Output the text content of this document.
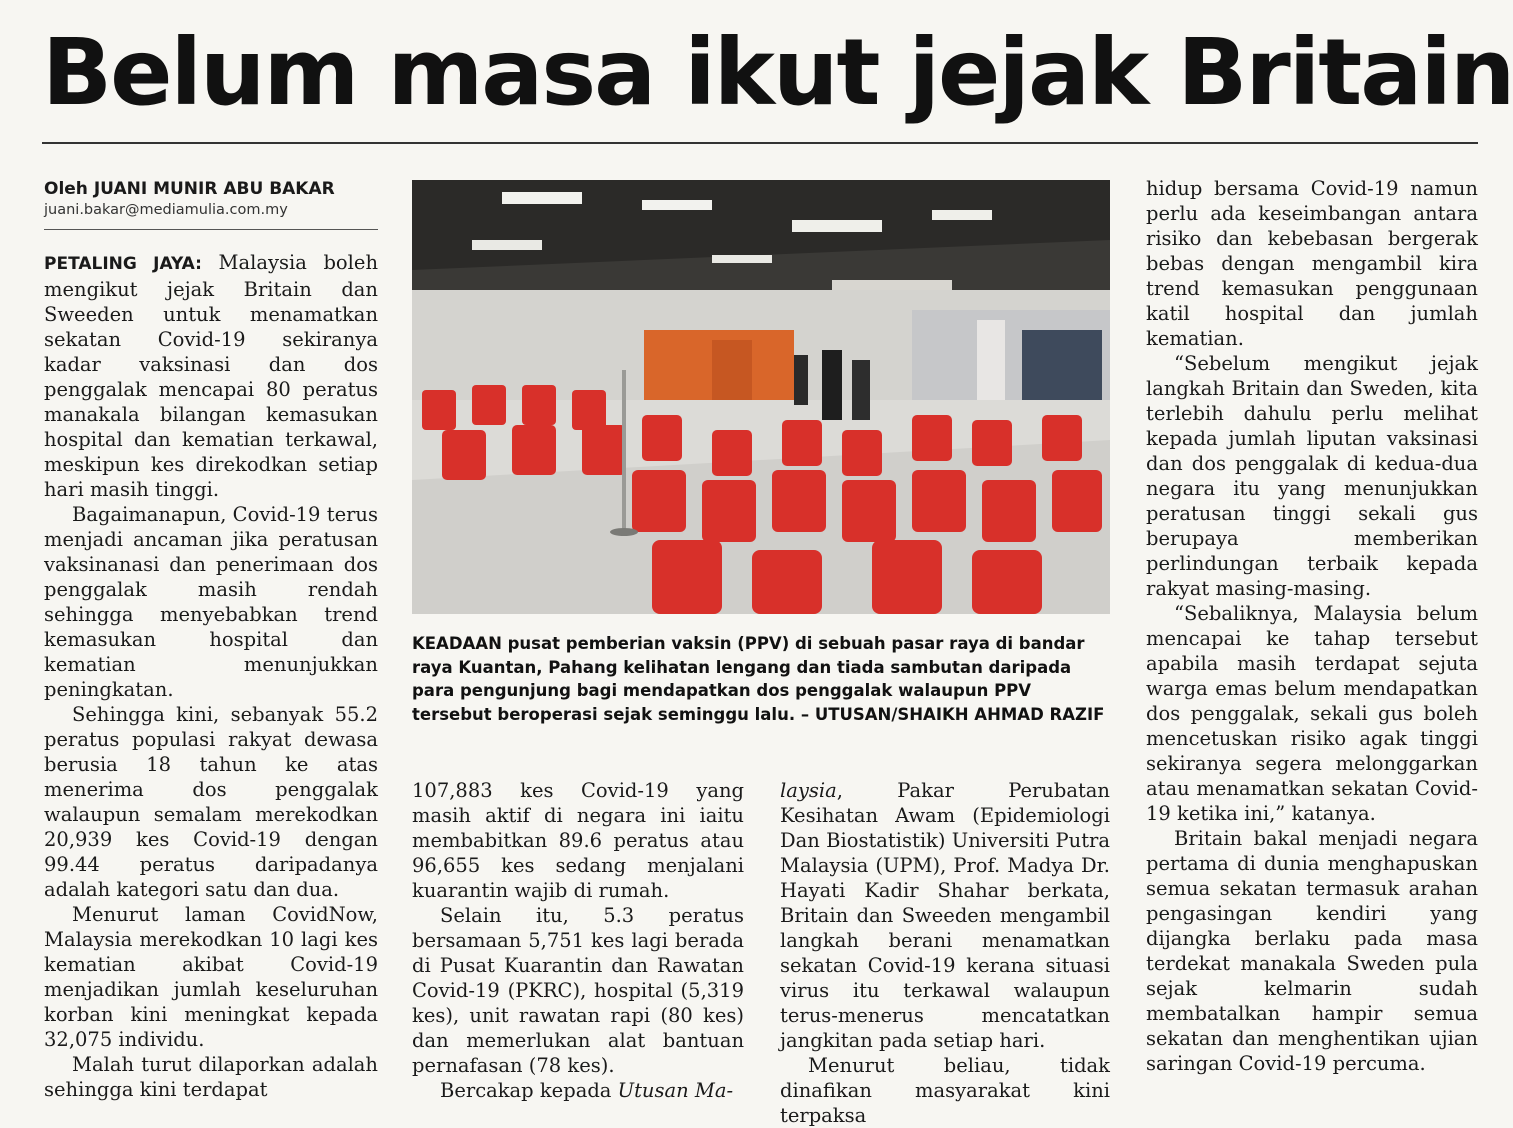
Belum masa ikut jejak Britain
Oleh JUANI MUNIR ABU BAKAR
juani.bakar@mediamulia.com.my

PETALING JAYA: Malaysia boleh mengikut jejak Britain dan Sweeden untuk menamatkan sekatan Covid-19 sekiranya kadar vaksinasi dan dos penggalak mencapai 80 peratus manakala bilangan kemasukan hospital dan kematian terkawal, meskipun kes direkodkan setiap hari masih tinggi.

Bagaimanapun, Covid-19 terus menjadi ancaman jika peratusan vaksinanasi dan penerimaan dos penggalak masih rendah sehingga menyebabkan trend kemasukan hospital dan kematian menunjukkan peningkatan.

Sehingga kini, sebanyak 55.2 peratus populasi rakyat dewasa berusia 18 tahun ke atas menerima dos penggalak walaupun semalam merekodkan 20,939 kes Covid-19 dengan 99.44 peratus daripadanya adalah kategori satu dan dua.

Menurut laman CovidNow, Malaysia merekodkan 10 lagi kes kematian akibat Covid-19 menjadikan jumlah keseluruhan korban kini meningkat kepada 32,075 individu.

Malah turut dilaporkan adalah sehingga kini terdapat

KEADAAN pusat pemberian vaksin (PPV) di sebuah pasar raya di bandar raya Kuantan, Pahang kelihatan lengang dan tiada sambutan daripada para pengunjung bagi mendapatkan dos penggalak walaupun PPV tersebut beroperasi sejak seminggu lalu. – UTUSAN/SHAIKH AHMAD RAZIF

107,883 kes Covid-19 yang masih aktif di negara ini iaitu membabitkan 89.6 peratus atau 96,655 kes sedang menjalani kuarantin wajib di rumah.

Selain itu, 5.3 peratus bersamaan 5,751 kes lagi berada di Pusat Kuarantin dan Rawatan Covid-19 (PKRC), hospital (5,319 kes), unit rawatan rapi (80 kes) dan memerlukan alat bantuan pernafasan (78 kes).

Bercakap kepada Utusan Ma-

laysia, Pakar Perubatan Kesihatan Awam (Epidemiologi Dan Biostatistik) Universiti Putra Malaysia (UPM), Prof. Madya Dr. Hayati Kadir Shahar berkata, Britain dan Sweeden mengambil langkah berani menamatkan sekatan Covid-19 kerana situasi virus itu terkawal walaupun terus-menerus mencatatkan jangkitan pada setiap hari.

Menurut beliau, tidak dinafikan masyarakat kini terpaksa

hidup bersama Covid-19 namun perlu ada keseimbangan antara risiko dan kebebasan bergerak bebas dengan mengambil kira trend kemasukan penggunaan katil hospital dan jumlah kematian.

“Sebelum mengikut jejak langkah Britain dan Sweden, kita terlebih dahulu perlu melihat kepada jumlah liputan vaksinasi dan dos penggalak di kedua-dua negara itu yang menunjukkan peratusan tinggi sekali gus berupaya memberikan perlindungan terbaik kepada rakyat masing-masing.

“Sebaliknya, Malaysia belum mencapai ke tahap tersebut apabila masih terdapat sejuta warga emas belum mendapatkan dos penggalak, sekali gus boleh mencetuskan risiko agak tinggi sekiranya segera melonggarkan atau menamatkan sekatan Covid-19 ketika ini,” katanya.

Britain bakal menjadi negara pertama di dunia menghapuskan semua sekatan termasuk arahan pengasingan kendiri yang dijangka berlaku pada masa terdekat manakala Sweden pula sejak kelmarin sudah membatalkan hampir semua sekatan dan menghentikan ujian saringan Covid-19 percuma.
